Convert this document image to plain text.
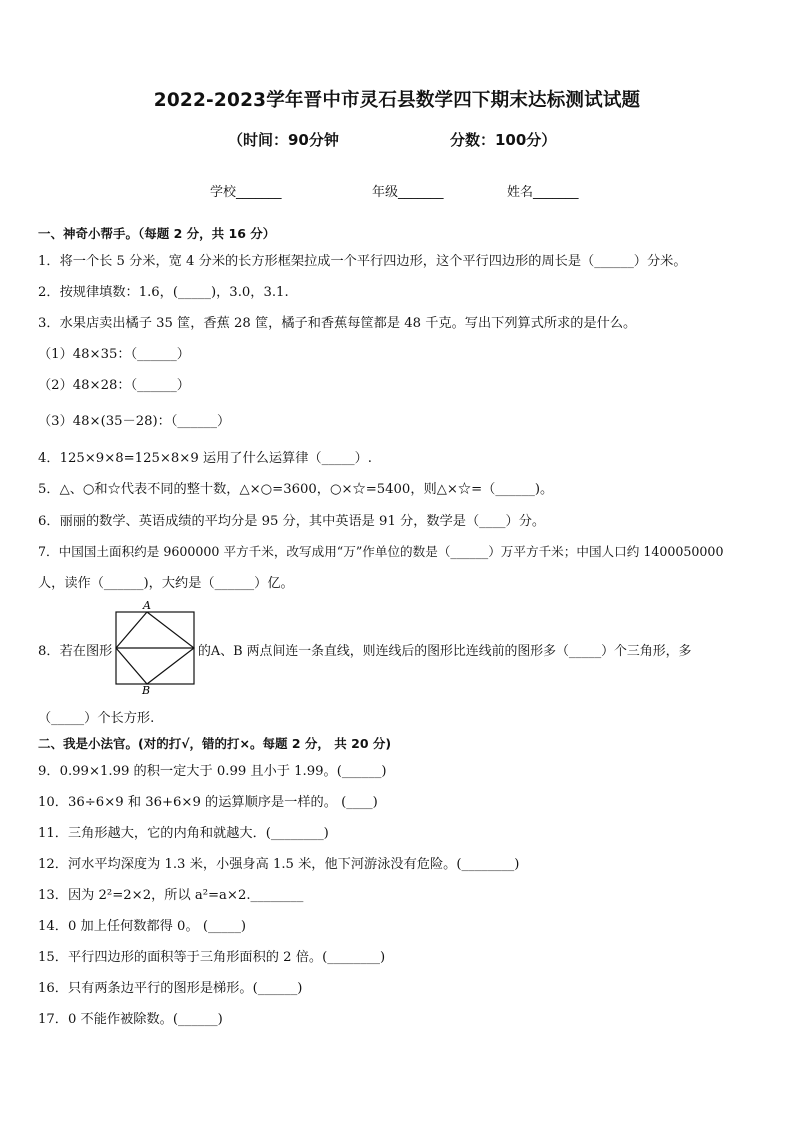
2022-2023学年晋中市灵石县数学四下期末达标测试试题
（时间：90分钟	分数：100分）
学校_______	年级_______	姓名_______
一、神奇小帮手。（每题 2 分，共 16 分）
1．将一个长 5 分米，宽 4 分米的长方形框架拉成一个平行四边形，这个平行四边形的周长是（______）分米。
2．按规律填数：1.6，(_____)，3.0，3.1.
3．水果店卖出橘子 35 筐，香蕉 28 筐，橘子和香蕉每筐都是 48 千克。写出下列算式所求的是什么。
（1）48×35：（______）
（2）48×28：（______）
（3）48×(35－28)：（______）
4．125×9×8=125×8×9 运用了什么运算律（_____）.
5．△、○和☆代表不同的整十数，△×○=3600，○×☆=5400，则△×☆=（______)。
6．丽丽的数学、英语成绩的平均分是 95 分，其中英语是 91 分，数学是（____）分。
7．中国国土面积约是 9600000 平方千米，改写成用“万”作单位的数是（______）万平方千米；中国人口约 1400050000
人，读作（______)，大约是（______）亿。
8．若在图形
A
B
的A、B 两点间连一条直线，则连线后的图形比连线前的图形多（_____）个三角形，多
（_____）个长方形.
二、我是小法官。(对的打√，错的打×。每题 2 分， 共 20 分)
9．0.99×1.99 的积一定大于 0.99 且小于 1.99。(______)
10．36÷6×9 和 36+6×9 的运算顺序是一样的。 (____)
11．三角形越大，它的内角和就越大．(________)
12．河水平均深度为 1.3 米，小强身高 1.5 米，他下河游泳没有危险。(________)
13．因为 2²=2×2，所以 a²=a×2.________
14．0 加上任何数都得 0。 (_____)
15．平行四边形的面积等于三角形面积的 2 倍。(________)
16．只有两条边平行的图形是梯形。(______)
17．0 不能作被除数。(______)
